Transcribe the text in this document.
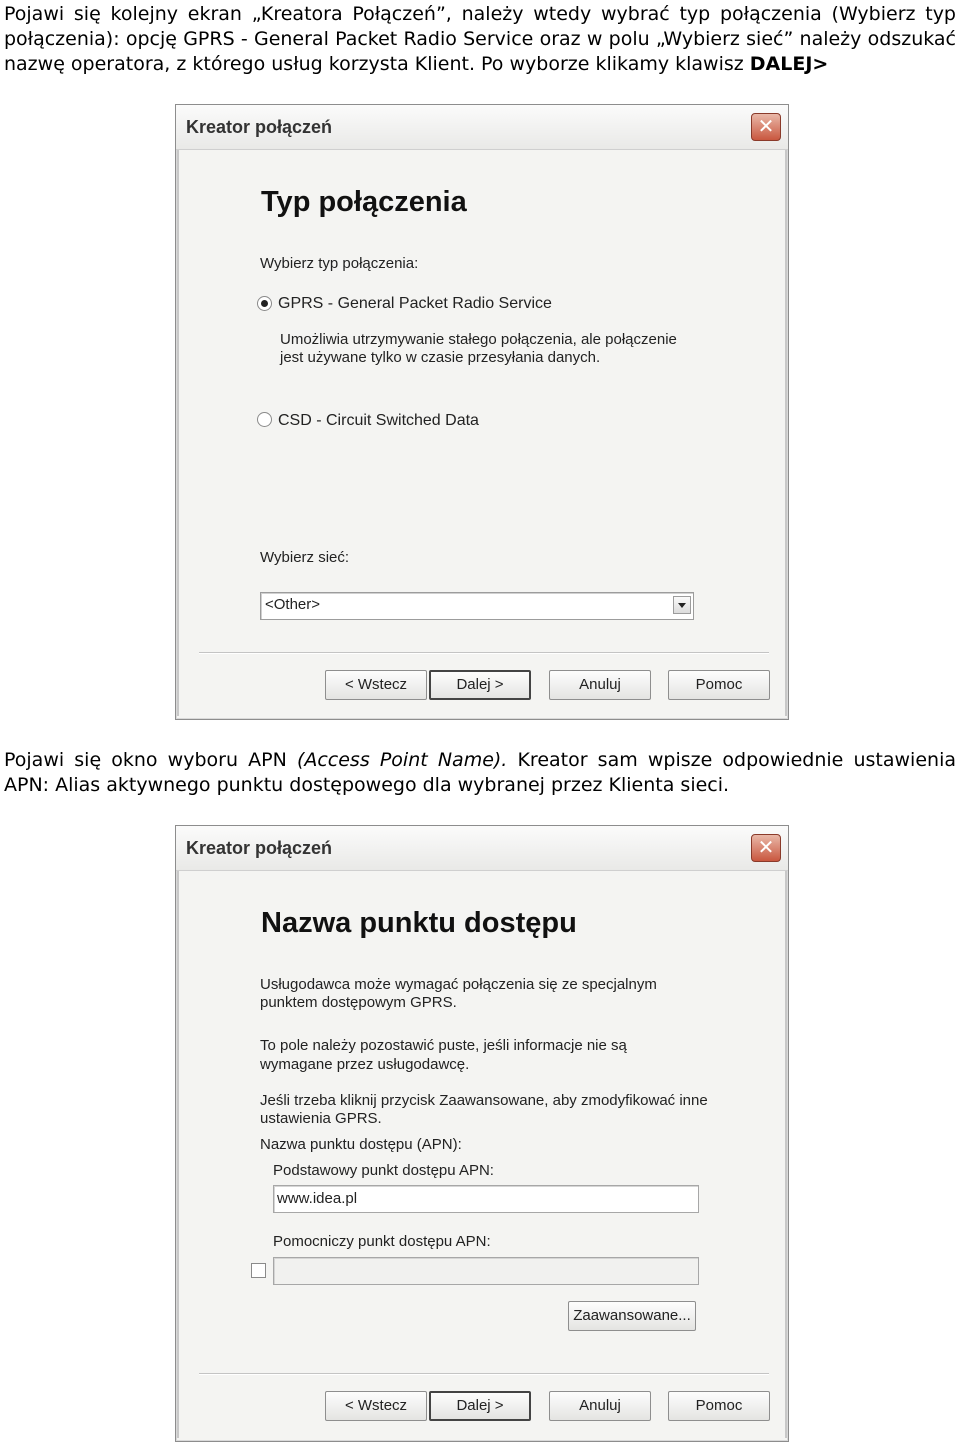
Pojawi się kolejny ekran „Kreatora Połączeń”, należy wtedy wybrać typ połączenia (Wybierz typ połączenia): opcję GPRS - General Packet Radio Service oraz w polu „Wybierz sieć” należy odszukać nazwę operatora, z którego usług korzysta Klient. Po wyborze klikamy klawisz DALEJ>
Kreator połączeń	✕
Typ połączenia
Wybierz typ połączenia:
GPRS - General Packet Radio Service
Umożliwia utrzymywanie stałego połączenia, ale połączenie
jest używane tylko w czasie przesyłania danych.
CSD - Circuit Switched Data
Wybierz sieć:
<Other>
< Wstecz	Dalej >	Anuluj	Pomoc
Pojawi się okno wyboru APN (Access Point Name). Kreator sam wpisze odpowiednie ustawienia APN: Alias aktywnego punktu dostępowego dla wybranej przez Klienta sieci.
Kreator połączeń	✕
Nazwa punktu dostępu
Usługodawca może wymagać połączenia się ze specjalnym
punktem dostępowym GPRS.
To pole należy pozostawić puste, jeśli informacje nie są
wymagane przez usługodawcę.
Jeśli trzeba kliknij przycisk Zaawansowane, aby zmodyfikować inne
ustawienia GPRS.
Nazwa punktu dostępu (APN):
Podstawowy punkt dostępu APN:
www.idea.pl
Pomocniczy punkt dostępu APN:
Zaawansowane...
< Wstecz	Dalej >	Anuluj	Pomoc
